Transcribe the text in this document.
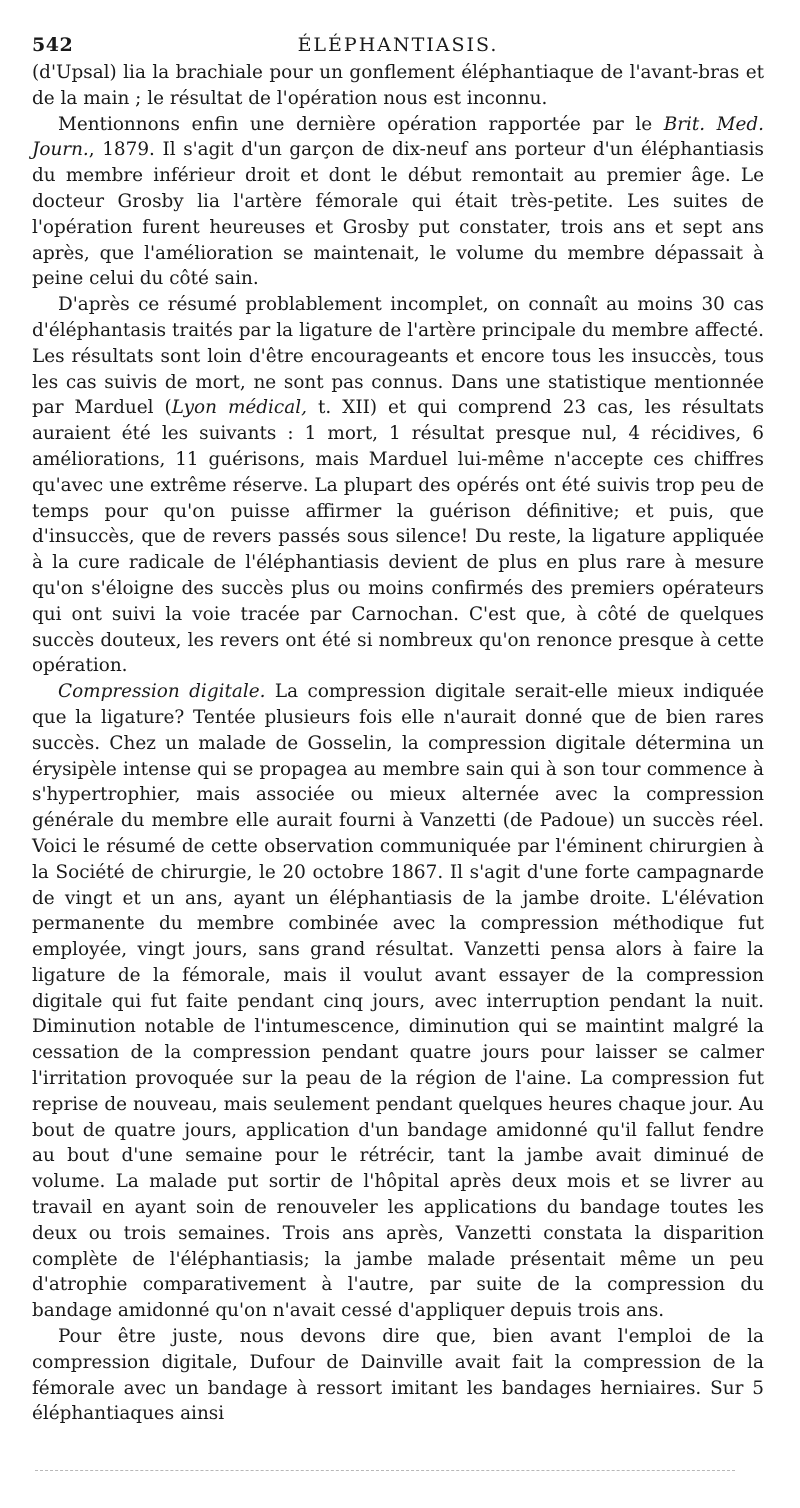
542	ÉLÉPHANTIASIS.

(d'Upsal) lia la brachiale pour un gonflement éléphantiaque de l'avant-bras et de la main ; le résultat de l'opération nous est inconnu.

Mentionnons enfin une dernière opération rapportée par le Brit. Med. Journ., 1879. Il s'agit d'un garçon de dix-neuf ans porteur d'un éléphantiasis du membre inférieur droit et dont le début remontait au premier âge. Le docteur Grosby lia l'artère fémorale qui était très-petite. Les suites de l'opération furent heureuses et Grosby put constater, trois ans et sept ans après, que l'amélioration se maintenait, le volume du membre dépassait à peine celui du côté sain.

D'après ce résumé problablement incomplet, on connaît au moins 30 cas d'éléphantasis traités par la ligature de l'artère principale du membre affecté. Les résultats sont loin d'être encourageants et encore tous les insuccès, tous les cas suivis de mort, ne sont pas connus. Dans une statistique mentionnée par Marduel (Lyon médical, t. XII) et qui comprend 23 cas, les résultats auraient été les suivants : 1 mort, 1 résultat presque nul, 4 récidives, 6 améliorations, 11 guérisons, mais Marduel lui-même n'accepte ces chiffres qu'avec une extrême réserve. La plupart des opérés ont été suivis trop peu de temps pour qu'on puisse affirmer la guérison définitive; et puis, que d'insuccès, que de revers passés sous silence! Du reste, la ligature appliquée à la cure radicale de l'éléphantiasis devient de plus en plus rare à mesure qu'on s'éloigne des succès plus ou moins confirmés des premiers opérateurs qui ont suivi la voie tracée par Carnochan. C'est que, à côté de quelques succès douteux, les revers ont été si nombreux qu'on renonce presque à cette opération.

Compression digitale. La compression digitale serait-elle mieux indiquée que la ligature? Tentée plusieurs fois elle n'aurait donné que de bien rares succès. Chez un malade de Gosselin, la compression digitale détermina un érysipèle intense qui se propagea au membre sain qui à son tour commence à s'hypertrophier, mais associée ou mieux alternée avec la compression générale du membre elle aurait fourni à Vanzetti (de Padoue) un succès réel. Voici le résumé de cette observation communiquée par l'éminent chirurgien à la Société de chirurgie, le 20 octobre 1867. Il s'agit d'une forte campagnarde de vingt et un ans, ayant un éléphantiasis de la jambe droite. L'élévation permanente du membre combinée avec la compression méthodique fut employée, vingt jours, sans grand résultat. Vanzetti pensa alors à faire la ligature de la fémorale, mais il voulut avant essayer de la compression digitale qui fut faite pendant cinq jours, avec interruption pendant la nuit. Diminution notable de l'intumescence, diminution qui se maintint malgré la cessation de la compression pendant quatre jours pour laisser se calmer l'irritation provoquée sur la peau de la région de l'aine. La compression fut reprise de nouveau, mais seulement pendant quelques heures chaque jour. Au bout de quatre jours, application d'un bandage amidonné qu'il fallut fendre au bout d'une semaine pour le rétrécir, tant la jambe avait diminué de volume. La malade put sortir de l'hôpital après deux mois et se livrer au travail en ayant soin de renouveler les applications du bandage toutes les deux ou trois semaines. Trois ans après, Vanzetti constata la disparition complète de l'éléphantiasis; la jambe malade présentait même un peu d'atrophie comparativement à l'autre, par suite de la compression du bandage amidonné qu'on n'avait cessé d'appliquer depuis trois ans.

Pour être juste, nous devons dire que, bien avant l'emploi de la compression digitale, Dufour de Dainville avait fait la compression de la fémorale avec un bandage à ressort imitant les bandages herniaires. Sur 5 éléphantiaques ainsi
